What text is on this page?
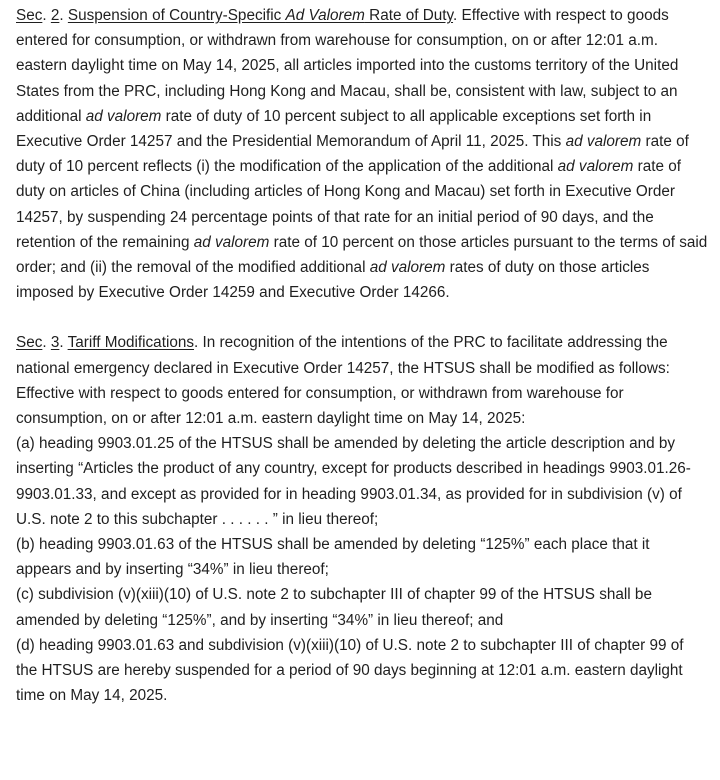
Sec. 2. Suspension of Country-Specific Ad Valorem Rate of Duty. Effective with respect to goods entered for consumption, or withdrawn from warehouse for consumption, on or after 12:01 a.m. eastern daylight time on May 14, 2025, all articles imported into the customs territory of the United States from the PRC, including Hong Kong and Macau, shall be, consistent with law, subject to an additional ad valorem rate of duty of 10 percent subject to all applicable exceptions set forth in Executive Order 14257 and the Presidential Memorandum of April 11, 2025. This ad valorem rate of duty of 10 percent reflects (i) the modification of the application of the additional ad valorem rate of duty on articles of China (including articles of Hong Kong and Macau) set forth in Executive Order 14257, by suspending 24 percentage points of that rate for an initial period of 90 days, and the retention of the remaining ad valorem rate of 10 percent on those articles pursuant to the terms of said order; and (ii) the removal of the modified additional ad valorem rates of duty on those articles imposed by Executive Order 14259 and Executive Order 14266.

Sec. 3. Tariff Modifications. In recognition of the intentions of the PRC to facilitate addressing the national emergency declared in Executive Order 14257, the HTSUS shall be modified as follows:

Effective with respect to goods entered for consumption, or withdrawn from warehouse for consumption, on or after 12:01 a.m. eastern daylight time on May 14, 2025:

(a) heading 9903.01.25 of the HTSUS shall be amended by deleting the article description and by inserting “Articles the product of any country, except for products described in headings 9903.01.26-9903.01.33, and except as provided for in heading 9903.01.34, as provided for in subdivision (v) of U.S. note 2 to this subchapter . . . . . . ” in lieu thereof;

(b) heading 9903.01.63 of the HTSUS shall be amended by deleting “125%” each place that it appears and by inserting “34%” in lieu thereof;

(c) subdivision (v)(xiii)(10) of U.S. note 2 to subchapter III of chapter 99 of the HTSUS shall be amended by deleting “125%”, and by inserting “34%” in lieu thereof; and

(d) heading 9903.01.63 and subdivision (v)(xiii)(10) of U.S. note 2 to subchapter III of chapter 99 of the HTSUS are hereby suspended for a period of 90 days beginning at 12:01 a.m. eastern daylight time on May 14, 2025.
